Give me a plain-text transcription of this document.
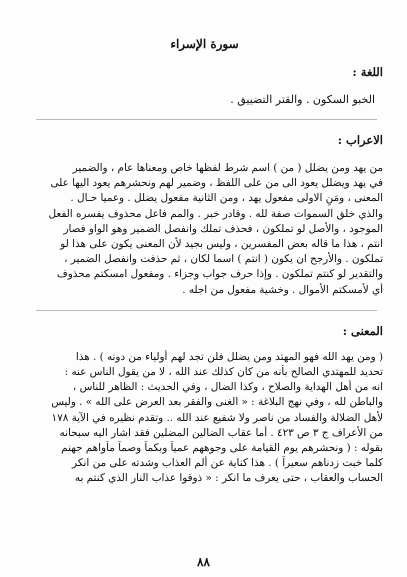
سورة الإسراء

اللغة :

الخبو السكون . والقتر التضييق .

الاعراب :

من يهد ومن يضلل ( من ) اسم شرط لفظها خاص ومعناها عام ، والضمير
في يهد ويضلل يعود الى من على اللفظ ، وضمير لهم ونحشرهم يعود اليها على
المعنى ، ومَنِ الاولى مفعول يهد ، ومن الثانية مفعول يضلل . وعميا حـال .
والذي خلق السموات صفة لله . وقادر خبر . والمم فاعل محذوف يفسره الفعل
الموجود ، والأصل لو تملكون ، فحذف تملك وانفصل الضمير وهو الواو فصار
انتم ، هذا ما قاله بعض المفسرين ، وليس بجيد لأن المعنى يكون على هذا لو
تملكون . والأرجح ان يكون ( انتم ) اسما لكان ، ثم حذفت وانفصل الضمير ،
والتقدير لو كنتم تملكون . وإذا حرف جواب وجزاء . ومفعول امسكتم محذوف
أي لأمسكتم الأموال . وخشية مفعول من اجله .

المعنى :

( ومن يهد الله فهو المهتد ومن يضلل فلن تجد لهم أولياء من دونه ) . هذا
تحديد للمهتدي الصالح بأنه من كان كذلك عند الله ، لا من يقول الناس عنه :
انه من أهل الهداية والصلاح ، وكذا الضال ، وفي الحديث : الظاهر للناس ،
والباطن لله ، وفي نهج البلاغة : « الغنى والفقر بعد العرض على الله » . وليس
لأهل الضلالة والفساد من ناصر ولا شفيع عند الله .. وتقدم نظيره في الآية ١٧٨
من الأعراف ج ٣ ص ٤٢٣ . أما عقاب الضالين المضلين فقد اشار اليه سبحانه
بقوله : ( ونحشرهم يوم القيامة على وجوههم عمياً وبكماً وصماً مأواهم جهنم
كلما خبت زدناهم سعيراً ) . هذا كناية عن ألم العذاب وشدته على من انكر
الحساب والعقاب ، حتى يعرف ما انكر : « ذوقوا عذاب النار الذي كنتم به

٨٨
